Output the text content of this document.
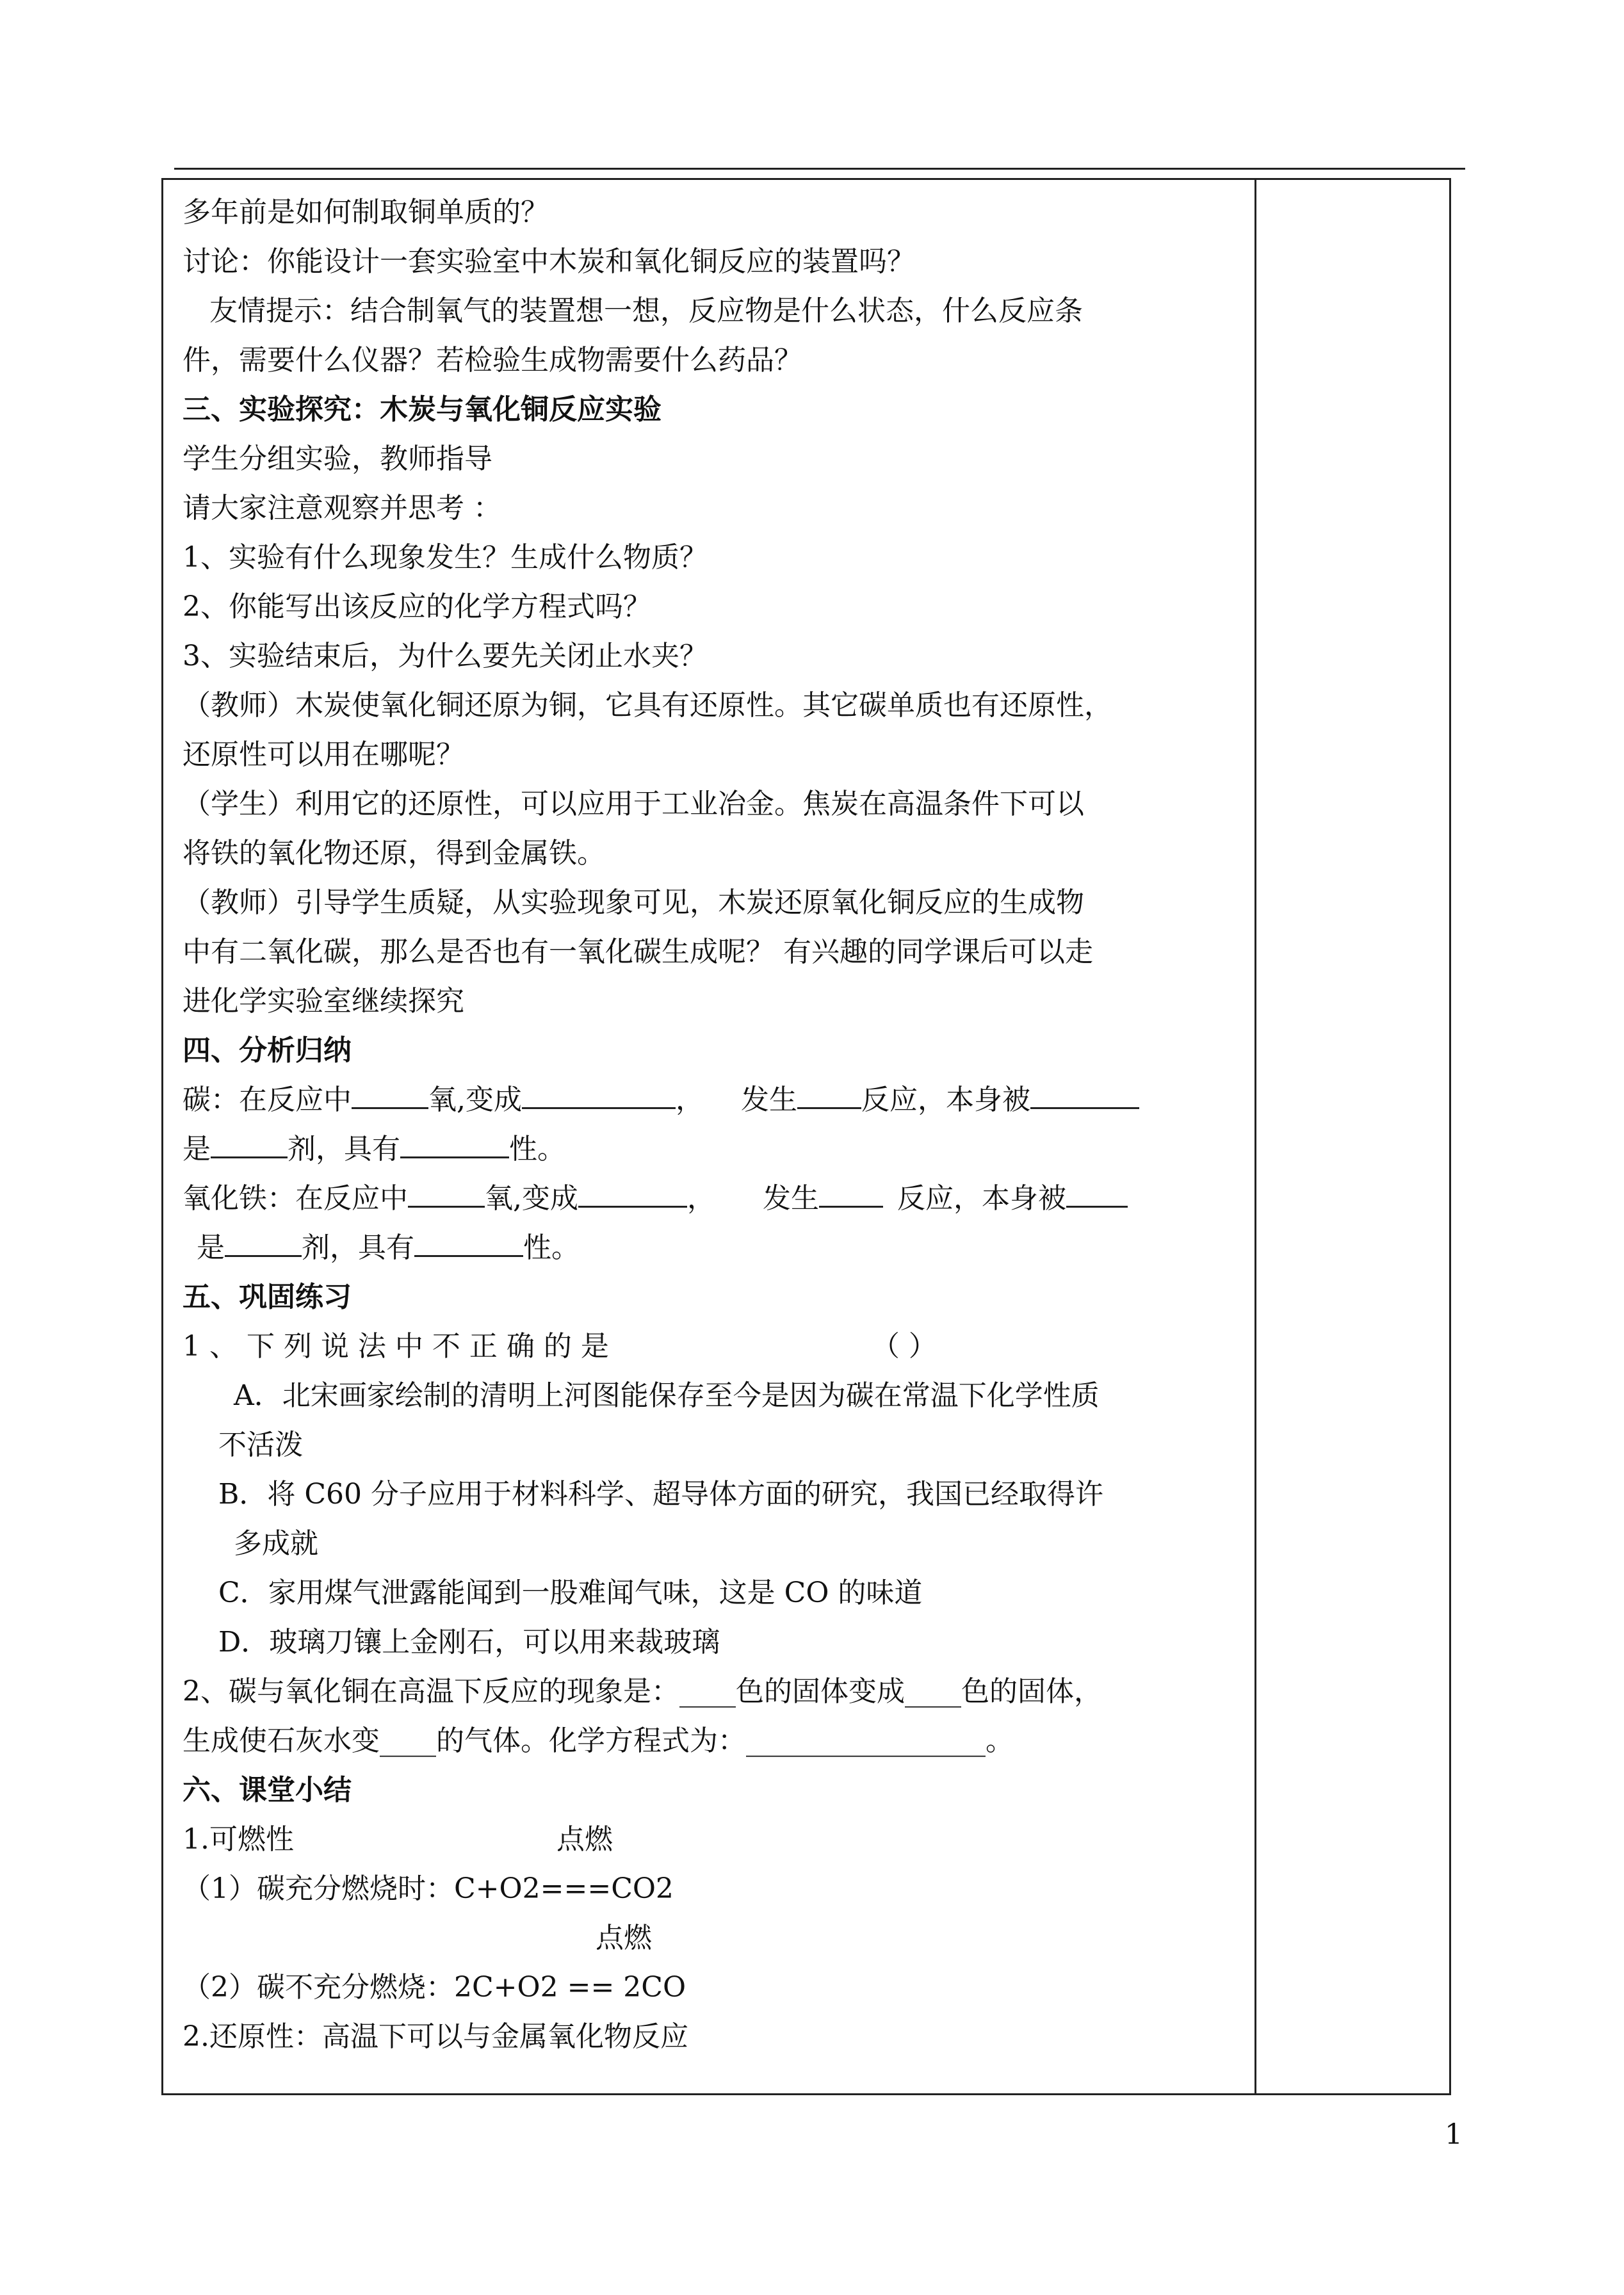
多年前是如何制取铜单质的？
讨论：你能设计一套实验室中木炭和氧化铜反应的装置吗？
友情提示：结合制氧气的装置想一想，反应物是什么状态，什么反应条
件，需要什么仪器？若检验生成物需要什么药品？
三、实验探究：木炭与氧化铜反应实验
学生分组实验，教师指导
请大家注意观察并思考 ：
1、实验有什么现象发生？生成什么物质？
2、你能写出该反应的化学方程式吗？
3、实验结束后，为什么要先关闭止水夹？
（教师）木炭使氧化铜还原为铜，它具有还原性。其它碳单质也有还原性，
还原性可以用在哪呢？
（学生）利用它的还原性，可以应用于工业冶金。焦炭在高温条件下可以
将铁的氧化物还原，得到金属铁。
（教师）引导学生质疑，从实验现象可见，木炭还原氧化铜反应的生成物
中有二氧化碳，那么是否也有一氧化碳生成呢？ 有兴趣的同学课后可以走
进化学实验室继续探究
四、分析归纳
碳：在反应中	氧,变成	， 发生 反应，本身被
是	剂，具有	性。
氧化铁：在反应中	氧,变成	， 发生	反应，本身被
是	剂，具有	性。
五、巩固练习
1 、 下 列 说 法 中 不 正 确 的 是	（ ）
A．北宋画家绘制的清明上河图能保存至今是因为碳在常温下化学性质
不活泼
B．将 C60 分子应用于材料科学、超导体方面的研究，我国已经取得许
多成就
C．家用煤气泄露能闻到一股难闻气味，这是 CO 的味道
D．玻璃刀镶上金刚石，可以用来裁玻璃
2、碳与氧化铜在高温下反应的现象是：____色的固体变成____色的固体，
生成使石灰水变____的气体。化学方程式为：_________________。
六、课堂小结
1.可燃性	点燃
（1）碳充分燃烧时：C+O2===CO2
点燃
（2）碳不充分燃烧：2C+O2 == 2CO
2.还原性：高温下可以与金属氧化物反应
1
